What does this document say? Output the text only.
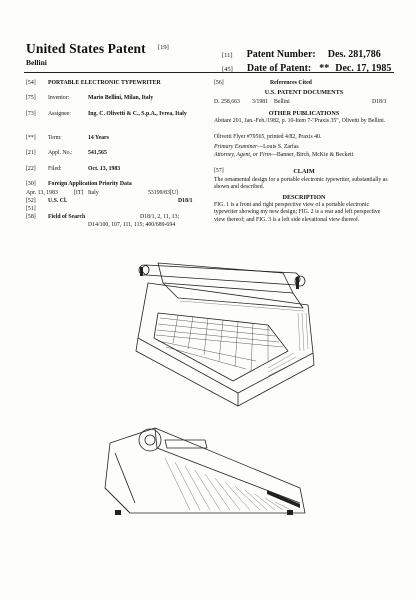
United States Patent [19]
Bellini
[11] Patent Number: Des. 281,786
[45] Date of Patent: ** Dec. 17, 1985
[54] PORTABLE ELECTRONIC TYPEWRITER
[75] Inventor:	Mario Bellini, Milan, Italy
[73] Assignee:	Ing. C. Olivetti & C., S.p.A., Ivrea, Italy
[**] Term:	14 Years
[21] Appl. No.:	541,565
[22] Filed:	Oct. 13, 1983
[30] Foreign Application Priority Data
Apr. 13, 1983	[IT] Italy	53199/83[U]
[52] U.S. Cl.	D18/1
[51]
[58] Field of Search	D18/1, 2, 11, 13;
D14/100, 107, 111, 115; 400/689-694
[56]	References Cited
U.S. PATENT DOCUMENTS
D. 258,663 3/1981 Bellini	D18/1
OTHER PUBLICATIONS
Abitare 201, Jan.-Feb./1982, p. 10-Item 7-"Praxis 35", Olivetti by Bellini.
Olivetti Flyer #79565, printed 4/82, Praxis 40.
Primary Examiner—Louis S. Zarfas
Attorney, Agent, or Firm—Banner, Birch, McKie & Beckett
[57]	CLAIM
The ornamental design for a portable electronic typewriter, substantially as shown and described.
DESCRIPTION
FIG. 1 is a front and right perspective view of a portable electronic typewriter showing my new design; FIG. 2 is a rear and left perspective view thereof; and FIG. 3 is a left side elevational view thereof.
